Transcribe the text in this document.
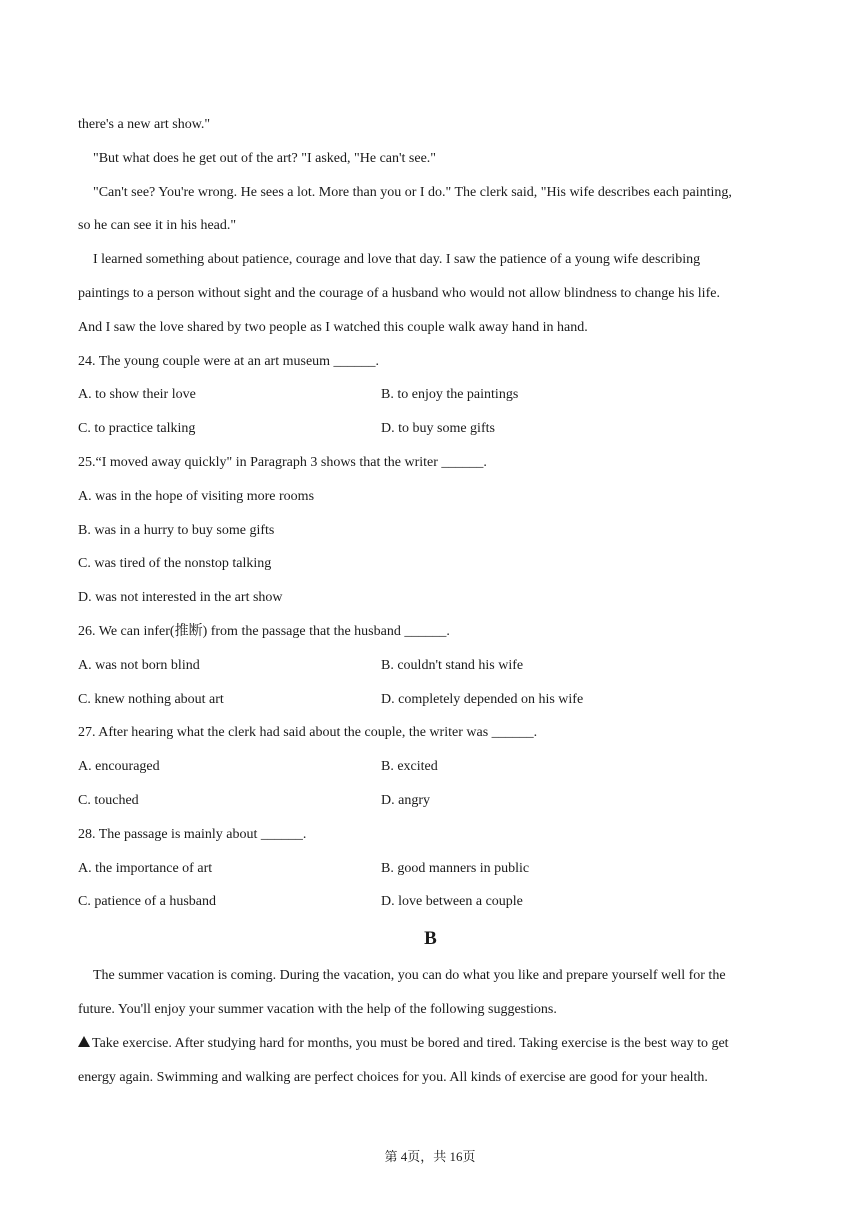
there's a new art show."
"But what does he get out of the art? "I asked, "He can't see."
"Can't see? You're wrong. He sees a lot. More than you or I do." The clerk said, "His wife describes each painting,
so he can see it in his head."
I learned something about patience, courage and love that day. I saw the patience of a young wife describing
paintings to a person without sight and the courage of a husband who would not allow blindness to change his life.
And I saw the love shared by two people as I watched this couple walk away hand in hand.
24. The young couple were at an art museum ______.
A. to show their love	B. to enjoy the paintings
C. to practice talking	D. to buy some gifts
25.“I moved away quickly" in Paragraph 3 shows that the writer ______.
A. was in the hope of visiting more rooms
B. was in a hurry to buy some gifts
C. was tired of the nonstop talking
D. was not interested in the art show
26. We can infer(推断) from the passage that the husband ______.
A. was not born blind	B. couldn't stand his wife
C. knew nothing about art	D. completely depended on his wife
27. After hearing what the clerk had said about the couple, the writer was ______.
A. encouraged	B. excited
C. touched	D. angry
28. The passage is mainly about ______.
A. the importance of art	B. good manners in public
C. patience of a husband	D. love between a couple
B
The summer vacation is coming. During the vacation, you can do what you like and prepare yourself well for the
future. You'll enjoy your summer vacation with the help of the following suggestions.
Take exercise. After studying hard for months, you must be bored and tired. Taking exercise is the best way to get
energy again. Swimming and walking are perfect choices for you. All kinds of exercise are good for your health.
第 4页，共 16页
